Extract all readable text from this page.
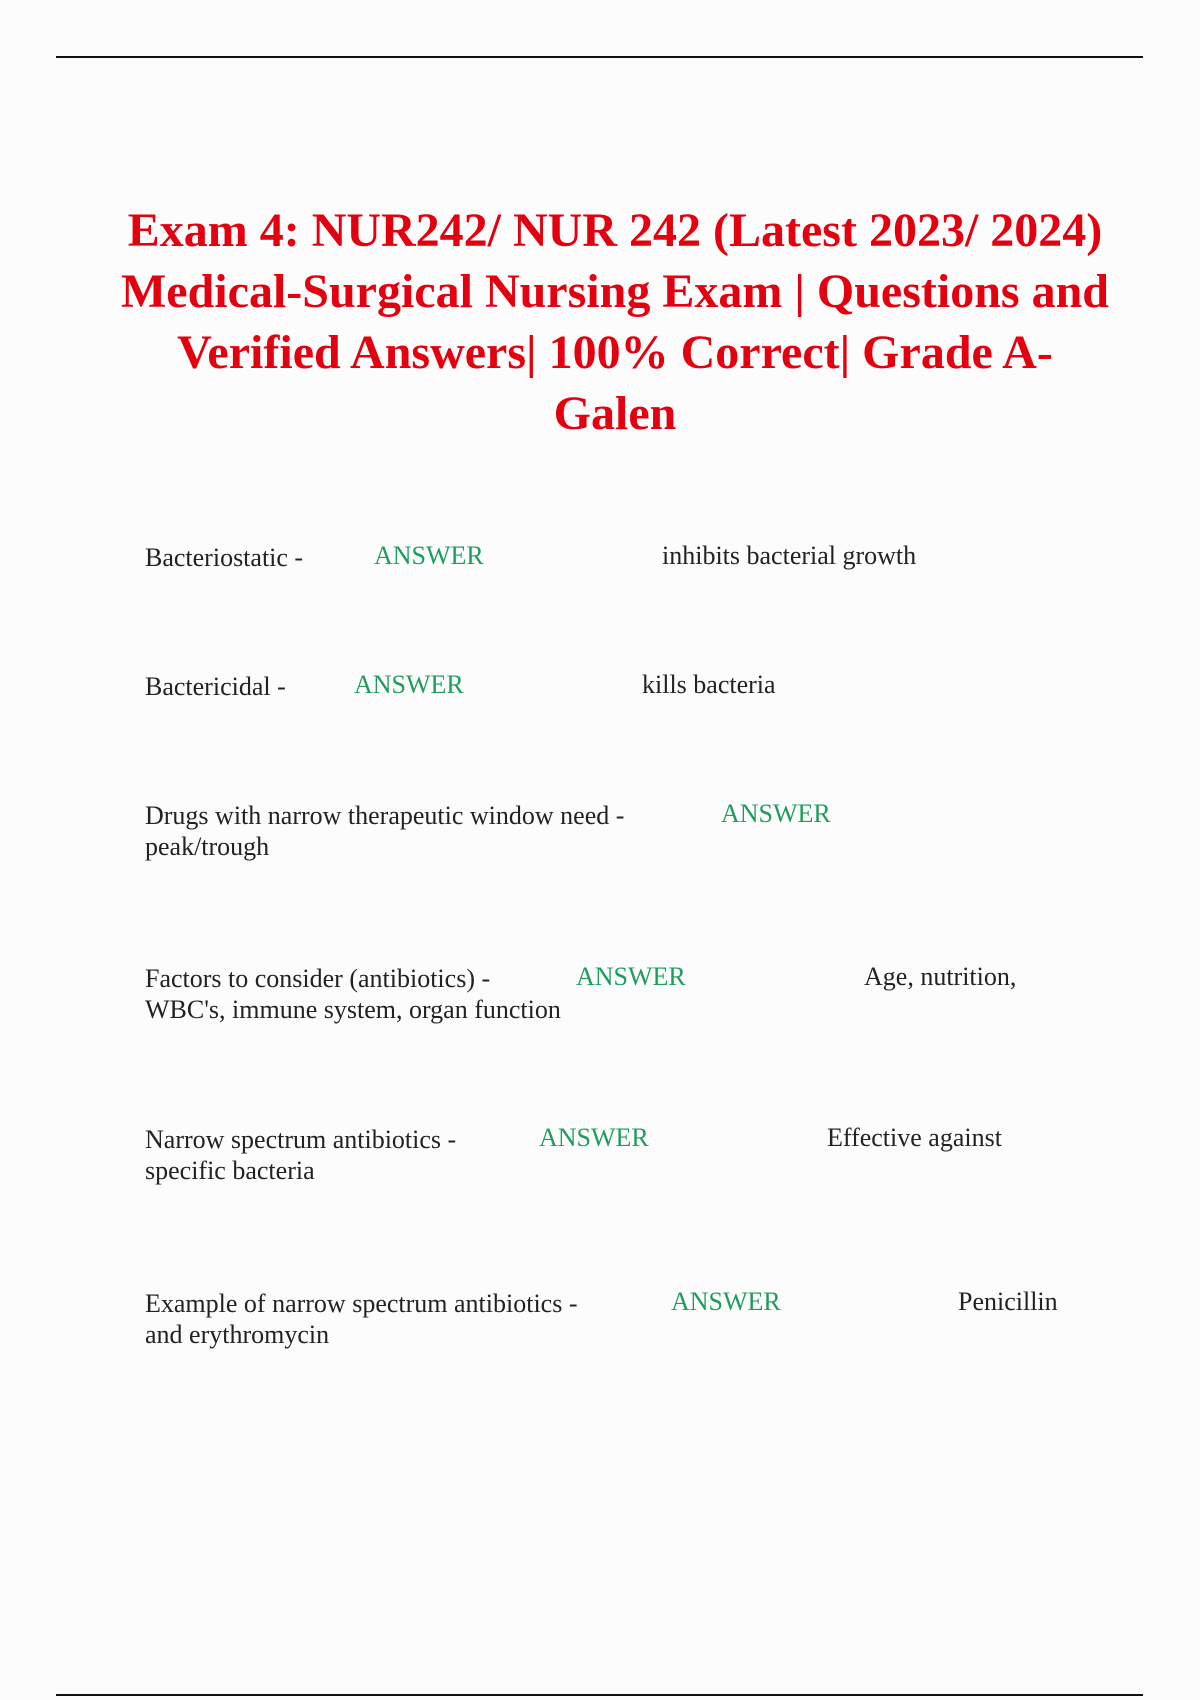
Exam 4: NUR242/ NUR 242 (Latest 2023/ 2024) Medical-Surgical Nursing Exam | Questions and Verified Answers| 100% Correct| Grade A- Galen
Bacteriostatic -	ANSWER	inhibits bacterial growth
Bactericidal -	ANSWER	kills bacteria
Drugs with narrow therapeutic window need -	ANSWER
peak/trough
Factors to consider (antibiotics) -	ANSWER	Age, nutrition,
WBC's, immune system, organ function
Narrow spectrum antibiotics -	ANSWER	Effective against
specific bacteria
Example of narrow spectrum antibiotics -	ANSWER	Penicillin
and erythromycin
